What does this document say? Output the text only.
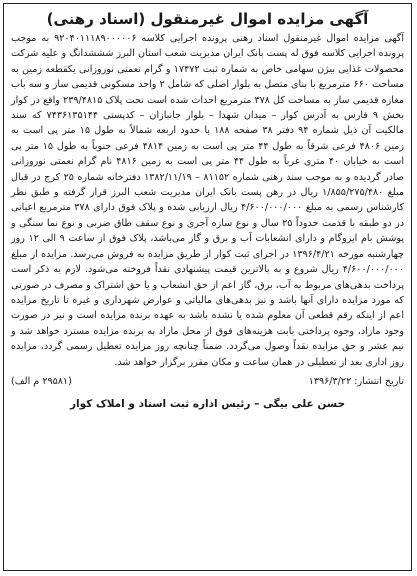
آگهی مزایده اموال غیرمنقول (اسناد رهنی)

آگهی مزایده اموال غیرمنقول اسناد رهنی پرونده اجرایی کلاسه ۹۲۰۴۰۱۱۱۸۹۰۰۰۰۰۶ به موجب پرونده اجرایی کلاسه فوق له پست بانک ایران مدیریت شعب استان البرز شششدانگ و علیه شرکت محصولات غذایی بیژن سهامی خاص به شماره ثبت ۱۷۴۷۲ و گرام نعمتی نوروزانی یکقطعه زمین به مساحت ۶۶۰ مترمربع با بنای متصل به بلوار اصلی که شامل ۲ واحد مسکونی قدیمی ساز و سه باب مغازه قدیمی ساز به مساحت کل ۳۷۸ مترمربع احداث شده است تحت پلاک ۲۳۹/۴۸۱۵ واقع در کوار بخش ۹ فارس به آدرس کوار – میدان شهدا – بلوار جانبازان – کدپستی ۷۴۳۶۱۳۵۱۴۴ که سند مالکیت آن ذیل شماره ۹۴ دفتر ۳۸ صفحه ۱۸۸ با حدود اربعه شمالاً به طول ۱۵ متر پی است به زمین ۴۸۰۶ فرعی شرقاً به طول ۴۴ متر پی است به زمین ۴۸۱۴ فرعی جنوباً به طول ۱۵ متر پی است به خیابان ۴۰ متری غرباً به طول ۴۴ متر پی است به زمین ۴۸۱۶ نام گرام نعمتی نوروزانی صادر گردیده و به موجب سند رهنی شماره ۸۱۱۵۲ – ۱۳۸۲/۱۱/۱۹ دفترخانه شماره ۲۵ کرج در قبال مبلغ ۱/۸۵۵/۲۷۵/۴۸۰ ریال در رهن پست بانک ایران مدیریت شعب البرز قرار گرفته و طبق نظر کارشناس رسمی به مبلغ ۴/۶۰۰/۰۰۰/۰۰۰ ریال ارزیابی شده و پلاک فوق دارای ۳۷۸ مترمربع اعیانی در دو طبقه با قدمت حدوداً ۲۵ سال و نوع سازه آجری و نوع سقف طاق ضربی و نوع نما سنگی و پوشش بام ایزوگام و دارای انشعابات آب و برق و گاز می‌باشد، پلاک فوق از ساعت ۹ الی ۱۲ روز چهارشنبه مورخه ۱۳۹۶/۴/۲۱ در اجرای ثبت کوار از طریق مزایده به فروش می‌رسد. مزایده از مبلغ ۴/۶۰۰/۰۰۰/۰۰۰ ریال شروع و به بالاترین قیمت پیشنهادی نقداً فروخته می‌شود. لازم به ذکر است پرداخت بدهی‌های مربوط به آب، برق، گاز اعم از حق انشعاب و یا حق اشتراک و مصرف در صورتی که مورد مزایده دارای آنها باشد و نیز بدهی‌های مالیاتی و عوارض شهرداری و غیره تا تاریخ مزایده اعم از اینکه رقم قطعی آن معلوم شده یا نشده باشد به عهده برنده مزایده است و نیز در صورت وجود مازاد، وجوه پرداختی بابت هزینه‌های فوق از محل مازاد به برنده مزایده مسترد خواهد شد و نیم عشر و حق مزایده نقداً وصول می‌گردد. ضمناً چنانچه روز مزایده تعطیل رسمی گردد، مزایده روز اداری بعد از تعطیلی در همان ساعت و مکان مقرر برگزار خواهد شد.

تاریخ انتشار: ۱۳۹۶/۳/۲۲
(۲۹۵۸۱ م الف)
حسن علی بیگی – رئیس اداره ثبت اسناد و املاک کوار
